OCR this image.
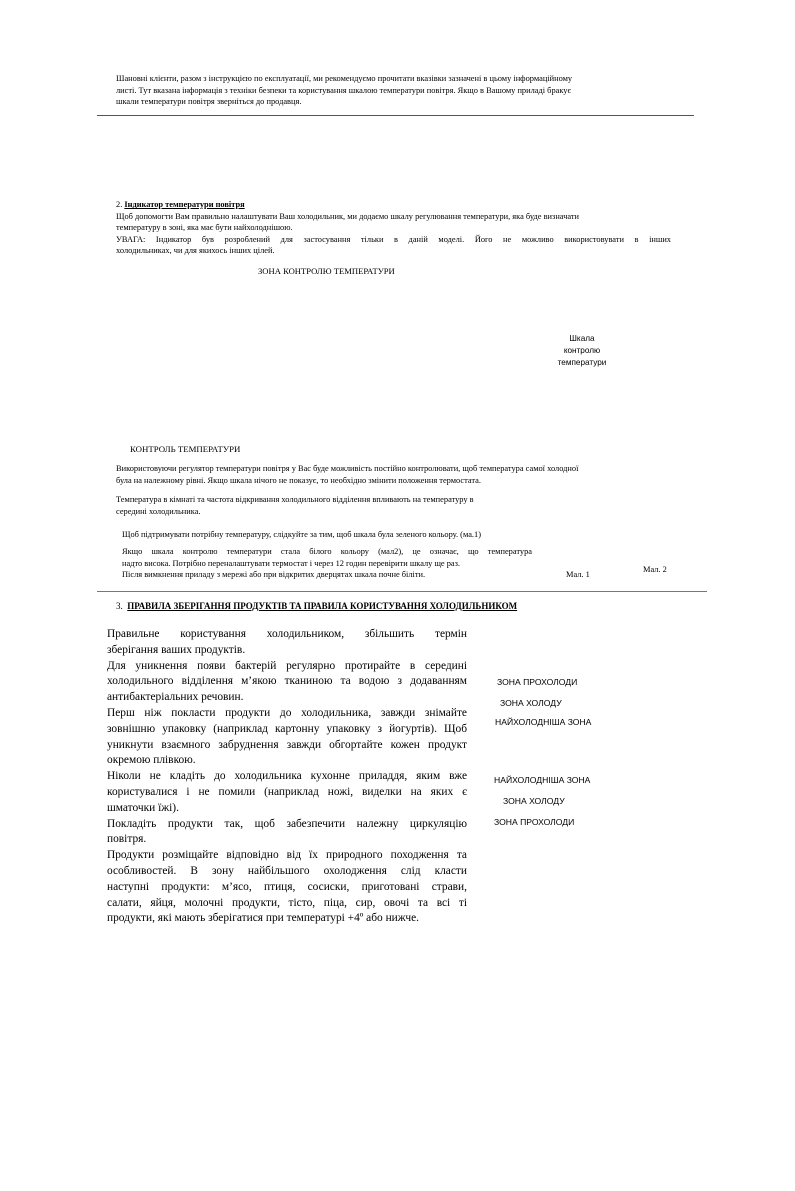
Шановні клієнти, разом з інструкцією по експлуатації, ми рекомендуємо прочитати вказівки зазначені в цьому інформаційному
листі. Тут вказана інформація з техніки безпеки та користування шкалою температури повітря. Якщо в Вашому приладі бракує
шкали температури повітря зверніться до продавця.
2. Індикатор температури повітря
Щоб допомогти Вам правильно налаштувати Ваш холодильник, ми додаємо шкалу регулювання температури, яка буде визначати
температуру в зоні, яка має бути найхолоднішою.
УВАГА: Індикатор був розроблений для застосування тільки в даній моделі. Його не можливо використовувати в інших
холодильниках, чи для якихось інших цілей.
ЗОНА КОНТРОЛЮ ТЕМПЕРАТУРИ
Шкала
контролю
температури
КОНТРОЛЬ ТЕМПЕРАТУРИ
Використовуючи регулятор температури повітря у Вас буде можливість постійно контролювати, щоб температура самої холодної
була на належному рівні. Якщо шкала нічого не показує, то необхідно змінити положення термостата.
Температура в кімнаті та частота відкривання холодильного відділення впливають на температуру в
середині холодильника.
Щоб підтримувати потрібну температуру, слідкуйте за тим, щоб шкала була зеленого кольору. (ма.1)
Якщо шкала контролю температури стала білого кольору (мал2), це означає, що температура
надто висока. Потрібно переналаштувати термостат і через 12 годин перевірити шкалу ще раз.
Після вимкнення приладу з мережі або при відкритих дверцятах шкала почне біліти.	Мал. 1
Мал. 2
3. ПРАВИЛА ЗБЕРІГАННЯ ПРОДУКТІВ ТА ПРАВИЛА КОРИСТУВАННЯ ХОЛОДИЛЬНИКОМ
Правильне користування холодильником, збільшить термін
зберігання ваших продуктів.
Для уникнення появи бактерій регулярно протирайте в середині
холодильного відділення м’якою тканиною та водою з додаванням
антибактеріальних речовин.
Перш ніж покласти продукти до холодильника, завжди знімайте
зовнішню упаковку (наприклад картонну упаковку з йогуртів). Щоб
уникнути взаємного забруднення завжди обгортайте кожен продукт
окремою плівкою.
Ніколи не кладіть до холодильника кухонне приладдя, яким вже
користувалися і не помили (наприклад ножі, виделки на яких є
шматочки їжі).
Покладіть продукти так, щоб забезпечити належну циркуляцію
повітря.
Продукти розміщайте відповідно від їх природного походження та
особливостей. В зону найбільшого охолодження слід класти
наступні продукти: м’ясо, птиця, сосиски, приготовані страви,
салати, яйця, молочні продукти, тісто, піца, сир, овочі та всі ті
продукти, які мають зберігатися при температурі +4º або нижче.
ЗОНА ПРОХОЛОДИ
ЗОНА ХОЛОДУ
НАЙХОЛОДНІША ЗОНА
НАЙХОЛОДНІША ЗОНА
ЗОНА ХОЛОДУ
ЗОНА ПРОХОЛОДИ
